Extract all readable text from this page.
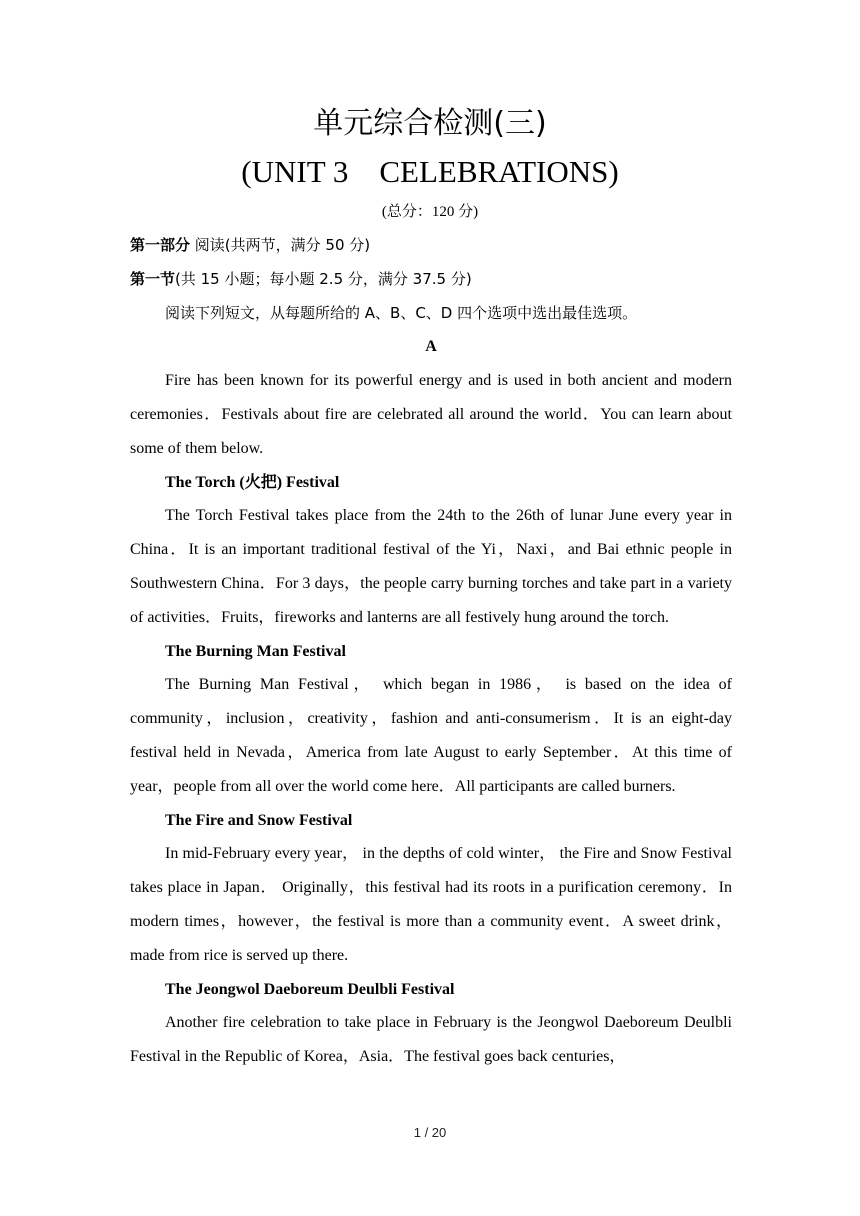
单元综合检测(三)
(UNIT 3    CELEBRATIONS)
(总分：120 分)

第一部分 阅读(共两节，满分 50 分)

第一节(共 15 小题；每小题 2.5 分，满分 37.5 分)

阅读下列短文，从每题所给的 A、B、C、D 四个选项中选出最佳选项。

A

Fire has been known for its powerful energy and is used in both ancient and modern ceremonies．Festivals about fire are celebrated all around the world．You can learn about some of them below.

The Torch (火把) Festival

The Torch Festival takes place from the 24th to the 26th of lunar June every year in China．It is an important traditional festival of the Yi，Naxi，and Bai ethnic people in Southwestern China．For 3 days，the people carry burning torches and take part in a variety of activities．Fruits，fireworks and lanterns are all festively hung around the torch.

The Burning Man Festival

The Burning Man Festival， which began in 1986， is based on the idea of community，inclusion，creativity，fashion and anti-consumerism．It is an eight-day festival held in Nevada，America from late August to early September．At this time of year，people from all over the world come here．All participants are called burners.

The Fire and Snow Festival

In mid-February every year， in the depths of cold winter， the Fire and Snow Festival takes place in Japan． Originally，this festival had its roots in a purification ceremony．In modern times，however，the festival is more than a community event．A sweet drink，made from rice is served up there.

The Jeongwol Daeboreum Deulbli Festival

Another fire celebration to take place in February is the Jeongwol Daeboreum Deulbli Festival in the Republic of Korea，Asia．The festival goes back centuries，

1 / 20
